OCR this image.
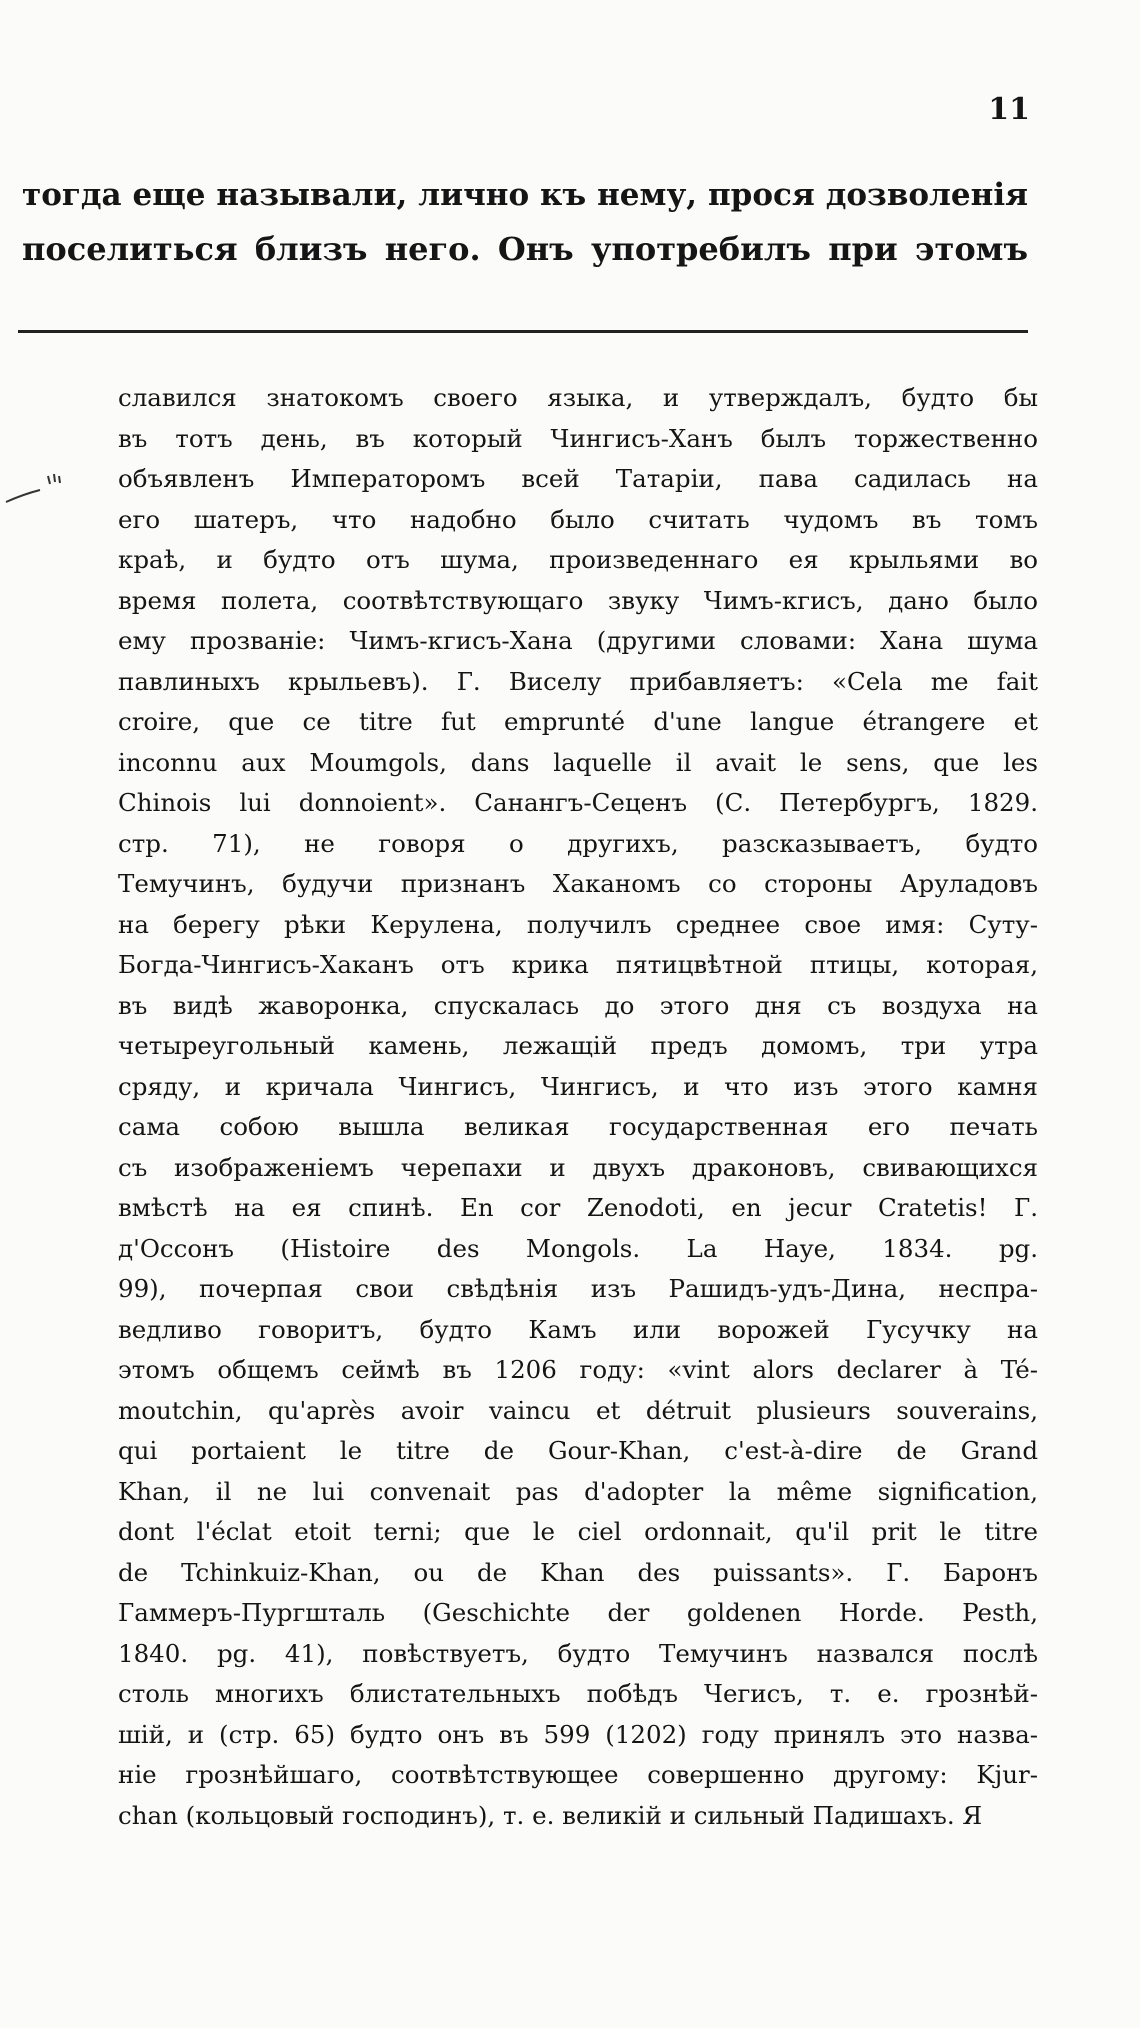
11
тогда еще называли, лично къ нему, прося дозволенія
поселиться близъ него. Онъ употребилъ при этомъ
славился знатокомъ своего языка, и утверждалъ, будто бы
въ тотъ день, въ который Чингисъ-Ханъ былъ торжественно
объявленъ Императоромъ всей Татаріи, пава садилась на
его шатеръ, что надобно было считать чудомъ въ томъ
краѣ, и будто отъ шума, произведеннаго ея крыльями во
время полета, соотвѣтствующаго звуку Чимъ-кгисъ, дано было
ему прозваніе: Чимъ-кгисъ-Хана (другими словами: Хана шума
павлиныхъ крыльевъ). Г. Виселу прибавляетъ: «Cela me fait
croire, que ce titre fut emprunté d'une langue étrangere et
inconnu aux Moumgols, dans laquelle il avait le sens, que les
Chinois lui donnoient». Санангъ-Сеценъ (С. Петербургъ, 1829.
стр. 71), не говоря о другихъ, разсказываетъ, будто
Темучинъ, будучи признанъ Хаканомъ со стороны Аруладовъ
на берегу рѣки Керулена, получилъ среднее свое имя: Суту-
Богда-Чингисъ-Хаканъ отъ крика пятицвѣтной птицы, которая,
въ видѣ жаворонка, спускалась до этого дня съ воздуха на
четыреугольный камень, лежащій предъ домомъ, три утра
сряду, и кричала Чингисъ, Чингисъ, и что изъ этого камня
сама собою вышла великая государственная его печать
съ изображеніемъ черепахи и двухъ драконовъ, свивающихся
вмѣстѣ на ея спинѣ. En cor Zenodoti, en jecur Cratetis! Г.
д'Оссонъ (Histoire des Mongols. La Haye, 1834. pg.
99), почерпая свои свѣдѣнія изъ Рашидъ-удъ-Дина, неспра-
ведливо говоритъ, будто Камъ или ворожей Гусучку на
этомъ общемъ сеймѣ въ 1206 году: «vint alors declarer à Té-
moutchin, qu'après avoir vaincu et détruit plusieurs souverains,
qui portaient le titre de Gour-Khan, c'est-à-dire de Grand
Khan, il ne lui convenait pas d'adopter la même signification,
dont l'éclat etoit terni; que le ciel ordonnait, qu'il prit le titre
de Tchinkuiz-Khan, ou de Khan des puissants». Г. Баронъ
Гаммеръ-Пургшталь (Geschichte der goldenen Horde. Pesth,
1840. pg. 41), повѣствуетъ, будто Темучинъ назвался послѣ
столь многихъ блистательныхъ побѣдъ Чегисъ, т. е. грознѣй-
шій, и (стр. 65) будто онъ въ 599 (1202) году принялъ это назва-
ніе грознѣйшаго, соотвѣтствующее совершенно другому: Kjur-
chan (кольцовый господинъ), т. е. великій и сильный Падишахъ. Я
